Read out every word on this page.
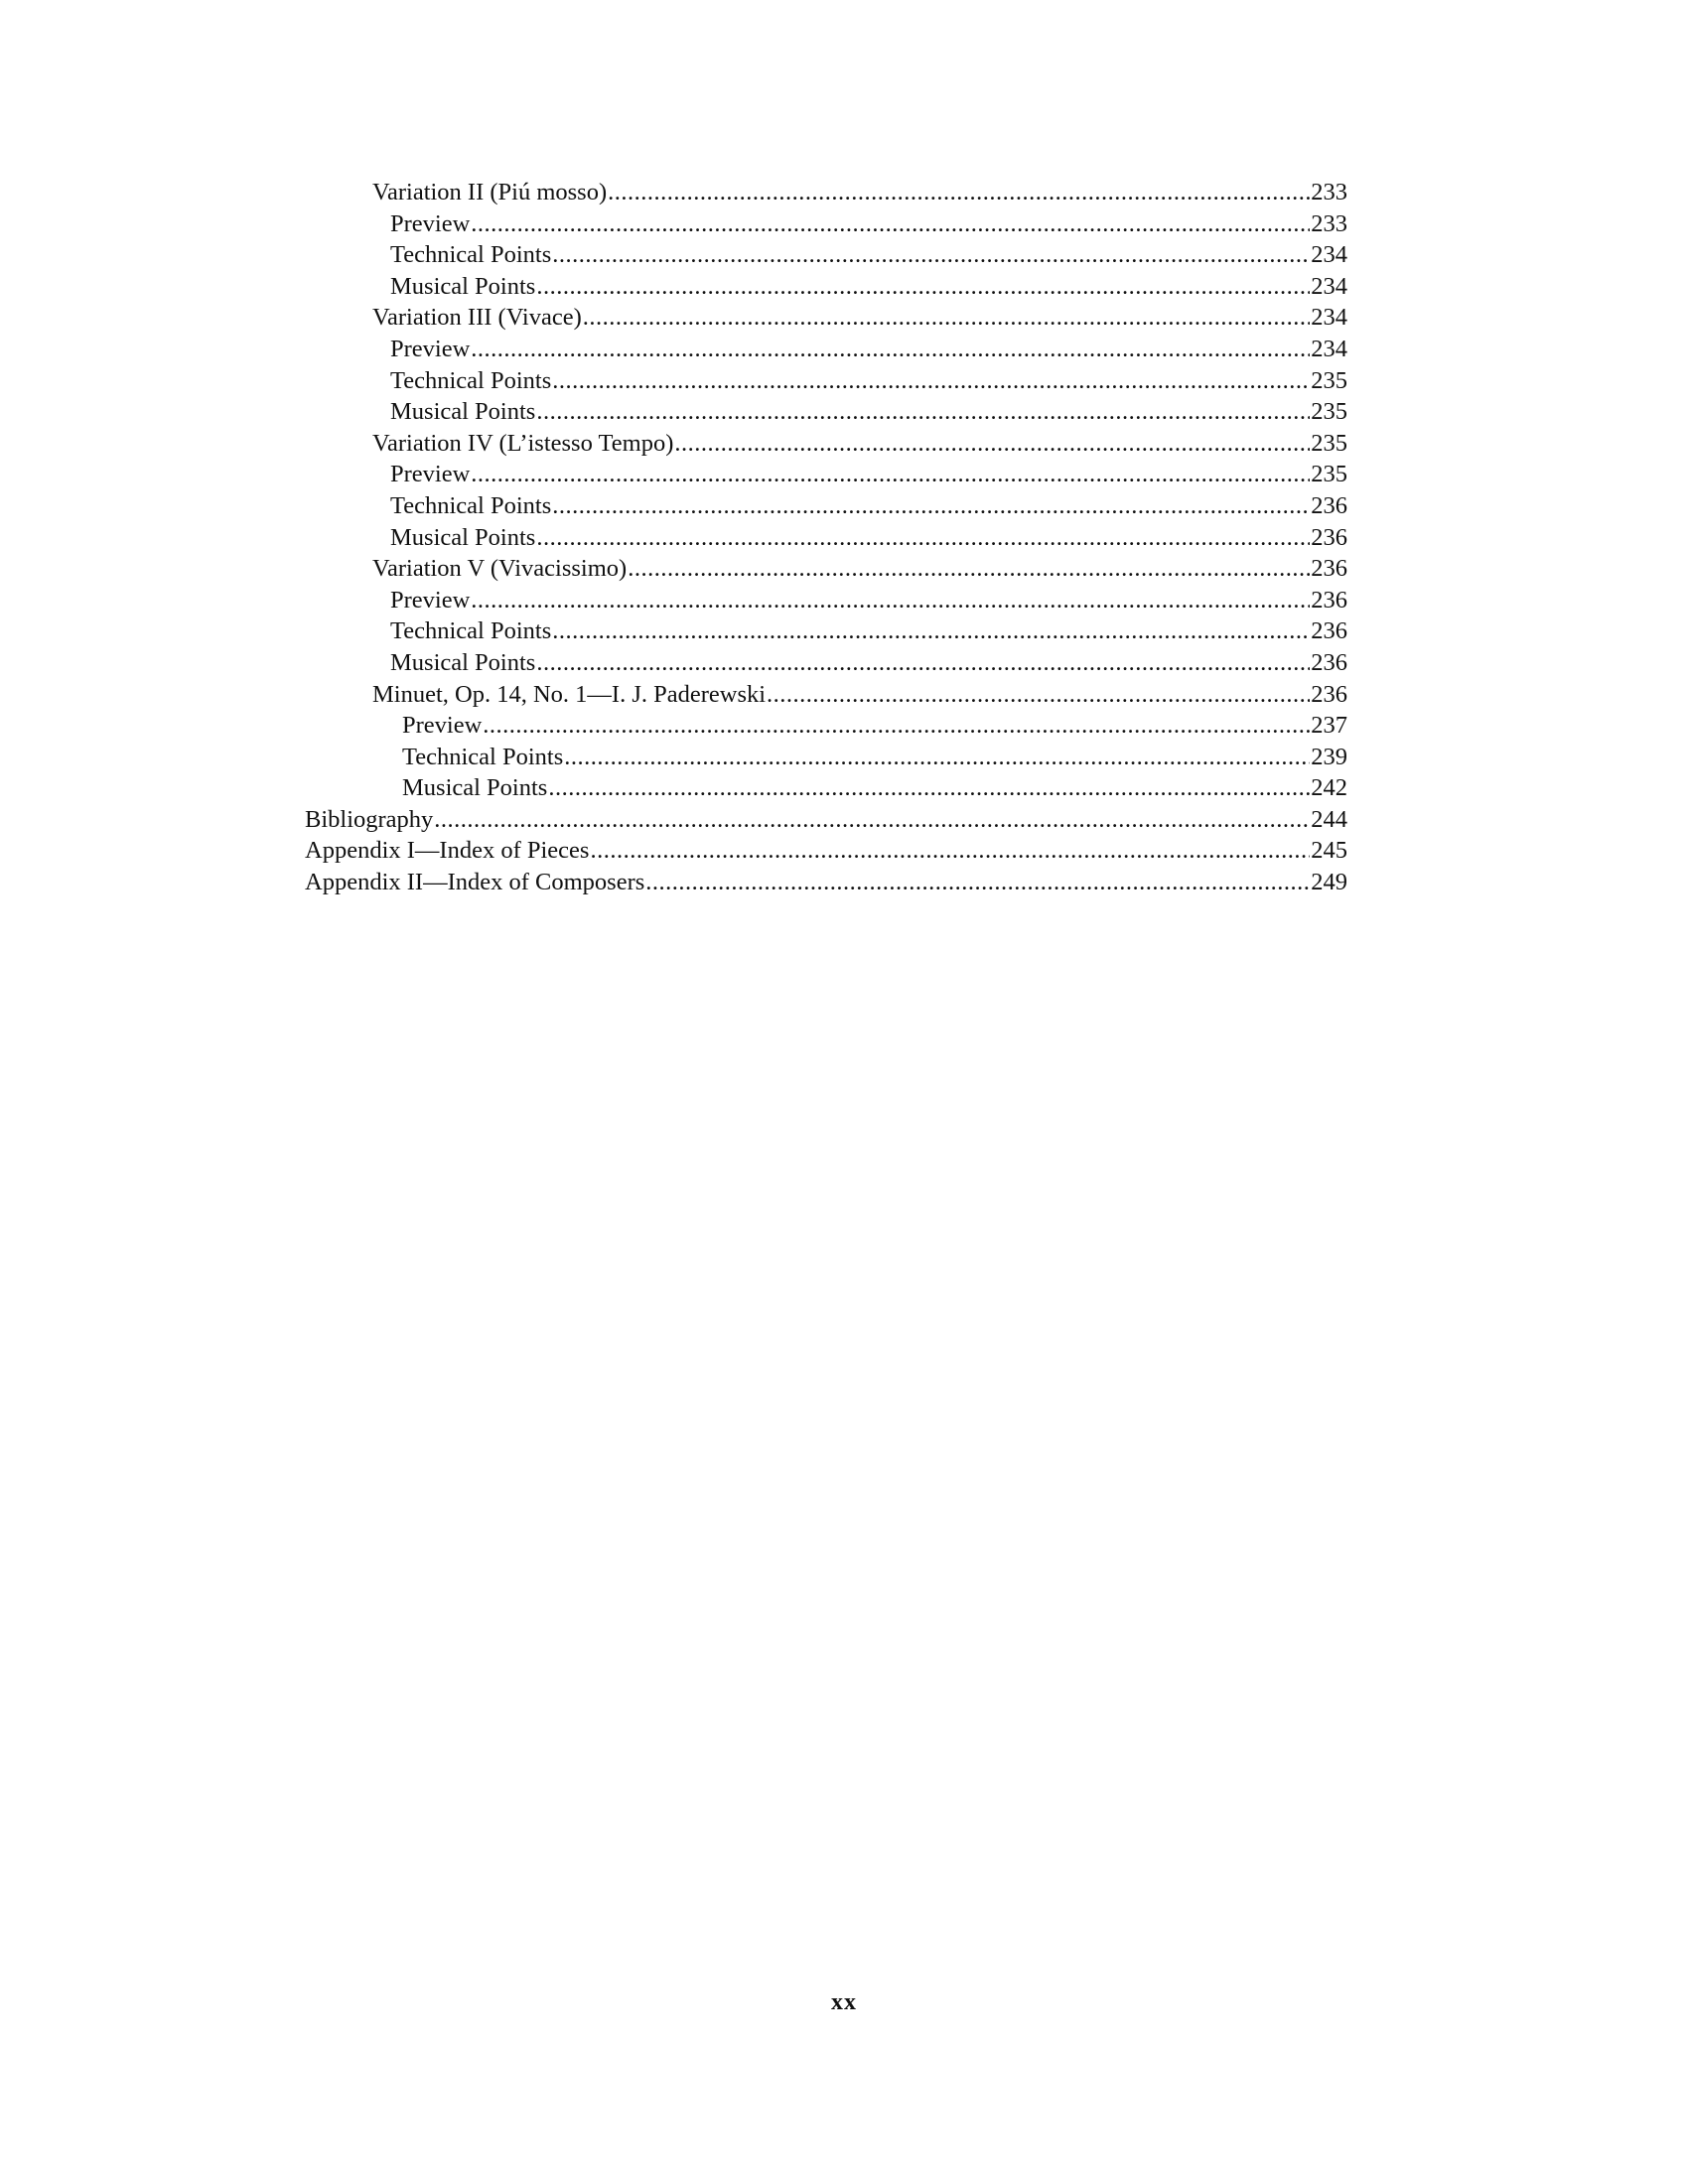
Variation II (Piú mosso) .....	233
Preview .....	233
Technical Points .....	234
Musical Points .....	234
Variation III (Vivace) .....	234
Preview .....	234
Technical Points .....	235
Musical Points .....	235
Variation IV (L’istesso Tempo) .....	235
Preview .....	235
Technical Points .....	236
Musical Points .....	236
Variation V (Vivacissimo) .....	236
Preview .....	236
Technical Points .....	236
Musical Points .....	236
Minuet, Op. 14, No. 1—I. J. Paderewski .....	236
Preview .....	237
Technical Points .....	239
Musical Points .....	242
Bibliography .....	244
Appendix I—Index of Pieces .....	245
Appendix II—Index of Composers .....	249
xx
